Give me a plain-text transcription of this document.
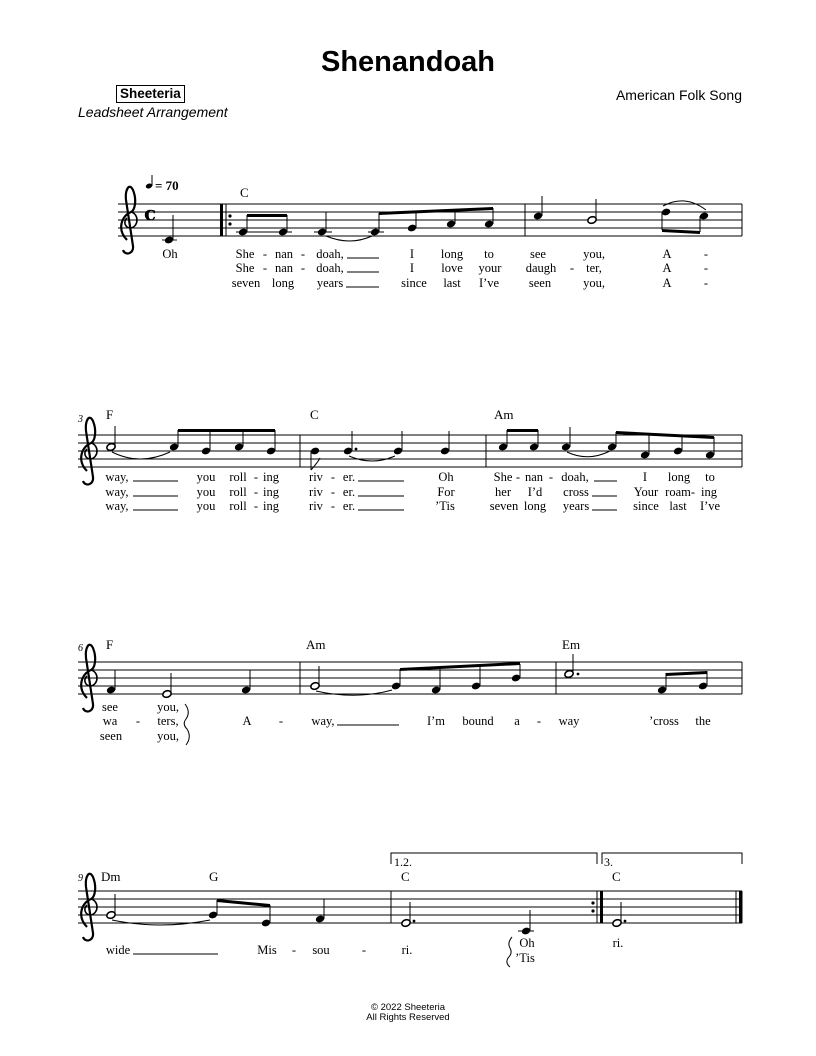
Shenandoah
Sheeteria
Leadsheet Arrangement
American Folk Song
c
= 70	C
Oh	She - nan - doah,	I long to	see	you,	A	-
She - nan - doah,	I love your daugh - ter,	A	-
seven long years	since last I’ve seen	you,	A	-
3 F	C	Am
way,	you roll - ing riv - er.	Oh	She - nan - doah,	I long to
way,	you roll - ing riv - er.	For	her I’d cross	Your roam - ing
way,	you roll - ing riv - er.	’Tis	seven long years	since last I’ve
6 F	Am	Em
see	you,
wa - ters,	A - way,	I’m bound a - way	’cross the
seen	you,
9 Dm	G	C	C
1.2.	3.
wide	Mis - sou	-	ri.	Oh	ri.
’Tis
© 2022 Sheeteria
All Rights Reserved
